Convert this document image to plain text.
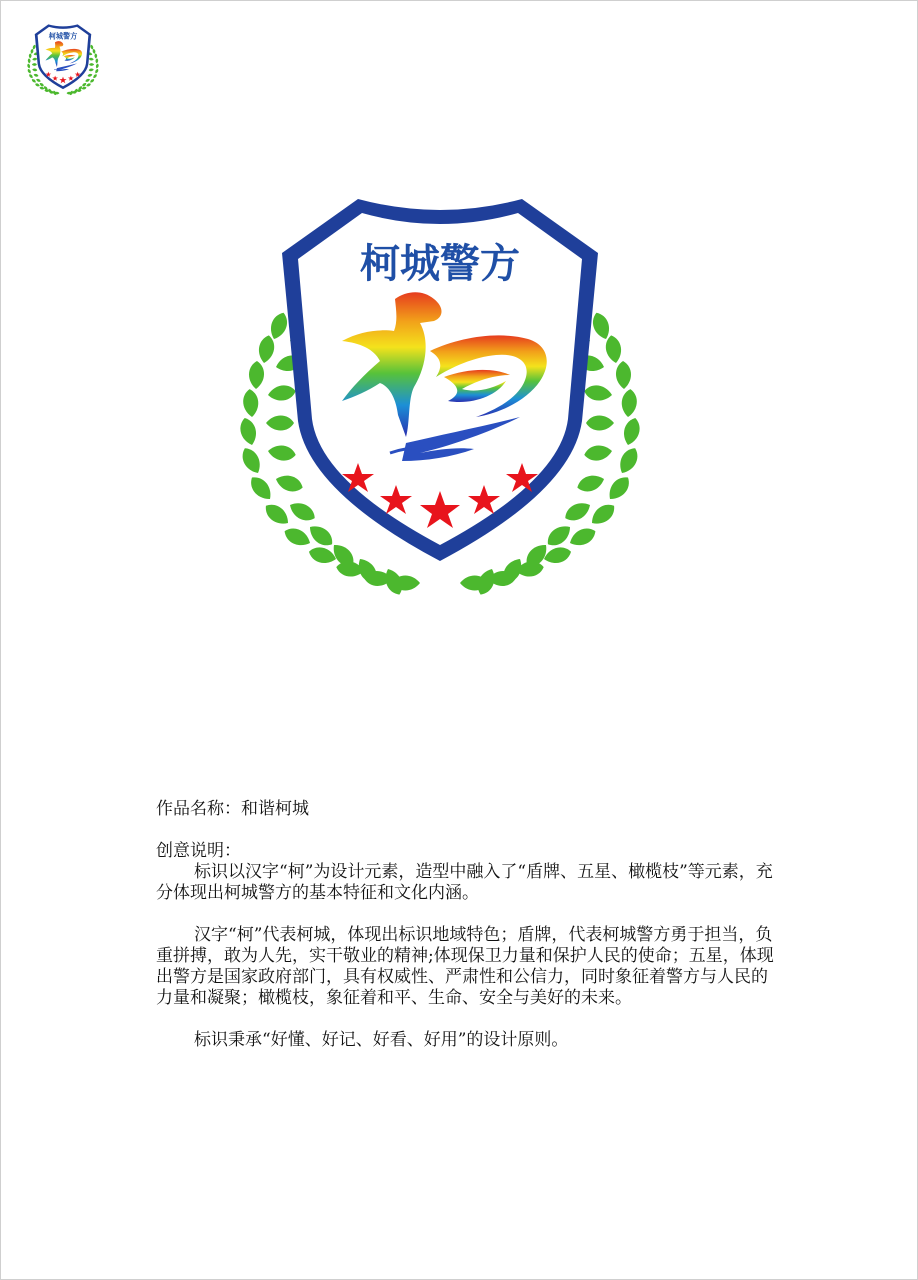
作品名称：和谐柯城

创意说明：

标识以汉字“柯”为设计元素，造型中融入了“盾牌、五星、橄榄枝”等元素，充分体现出柯城警方的基本特征和文化内涵。

汉字“柯”代表柯城，体现出标识地域特色；盾牌，代表柯城警方勇于担当，负重拼搏，敢为人先，实干敬业的精神;体现保卫力量和保护人民的使命；五星，体现出警方是国家政府部门，具有权威性、严肃性和公信力，同时象征着警方与人民的力量和凝聚；橄榄枝，象征着和平、生命、安全与美好的未来。

标识秉承“好懂、好记、好看、好用”的设计原则。
